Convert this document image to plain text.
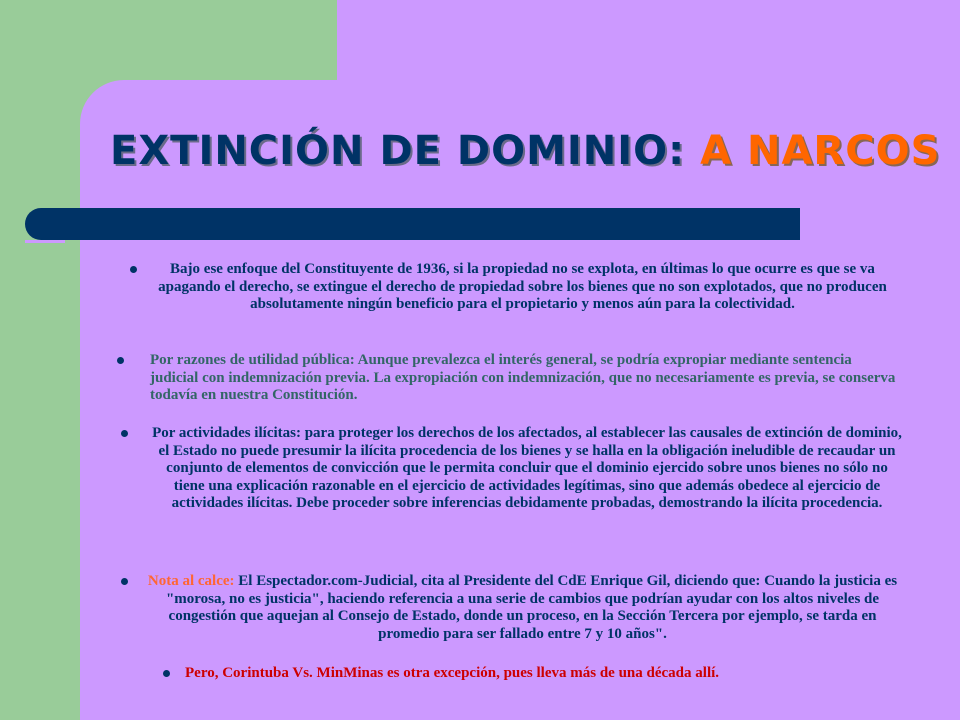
EXTINCIÓN DE DOMINIO: A NARCOS

Bajo ese enfoque del Constituyente de 1936, si la propiedad no se explota, en últimas lo que ocurre es que se va apagando el derecho, se extingue el derecho de propiedad sobre los bienes que no son explotados, que no producen absolutamente ningún beneficio para el propietario y menos aún para la colectividad.

Por razones de utilidad pública: Aunque prevalezca el interés general, se podría expropiar mediante sentencia judicial con indemnización previa. La expropiación con indemnización, que no necesariamente es previa, se conserva todavía en nuestra Constitución.

Por actividades ilícitas: para proteger los derechos de los afectados, al establecer las causales de extinción de dominio, el Estado no puede presumir la ilícita procedencia de los bienes y se halla en la obligación ineludible de recaudar un conjunto de elementos de convicción que le permita concluir que el dominio ejercido sobre unos bienes no sólo no tiene una explicación razonable en el ejercicio de actividades legítimas, sino que además obedece al ejercicio de actividades ilícitas. Debe proceder sobre inferencias debidamente probadas, demostrando la ilícita procedencia.

Nota al calce: El Espectador.com-Judicial, cita al Presidente del CdE Enrique Gil, diciendo que: Cuando la justicia es "morosa, no es justicia", haciendo referencia a una serie de cambios que podrían ayudar con los altos niveles de congestión que aquejan al Consejo de Estado, donde un proceso, en la Sección Tercera por ejemplo, se tarda en promedio para ser fallado entre 7 y 10 años".

Pero, Corintuba Vs. MinMinas es otra excepción, pues lleva más de una década allí.
